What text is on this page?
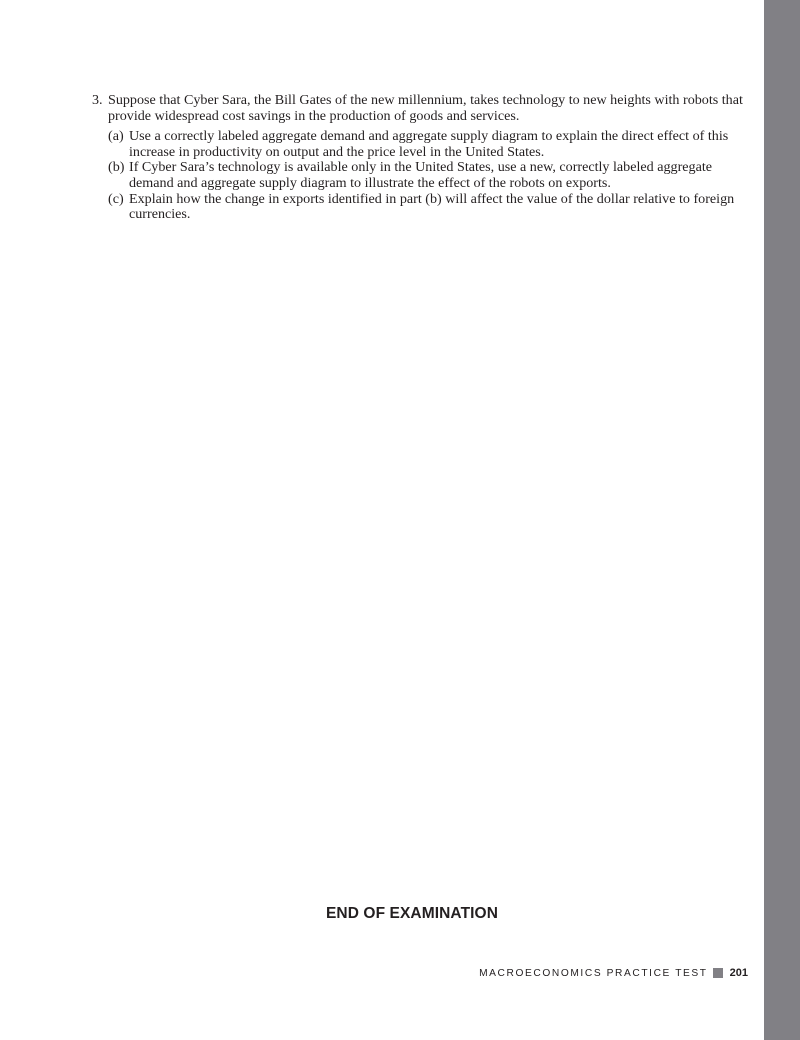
3. Suppose that Cyber Sara, the Bill Gates of the new millennium, takes technology to new heights with robots that provide widespread cost savings in the production of goods and services.
(a) Use a correctly labeled aggregate demand and aggregate supply diagram to explain the direct effect of this increase in productivity on output and the price level in the United States.
(b) If Cyber Sara’s technology is available only in the United States, use a new, correctly labeled aggregate demand and aggregate supply diagram to illustrate the effect of the robots on exports.
(c) Explain how the change in exports identified in part (b) will affect the value of the dollar relative to foreign currencies.
END OF EXAMINATION
MACROECONOMICS PRACTICE TEST 201
